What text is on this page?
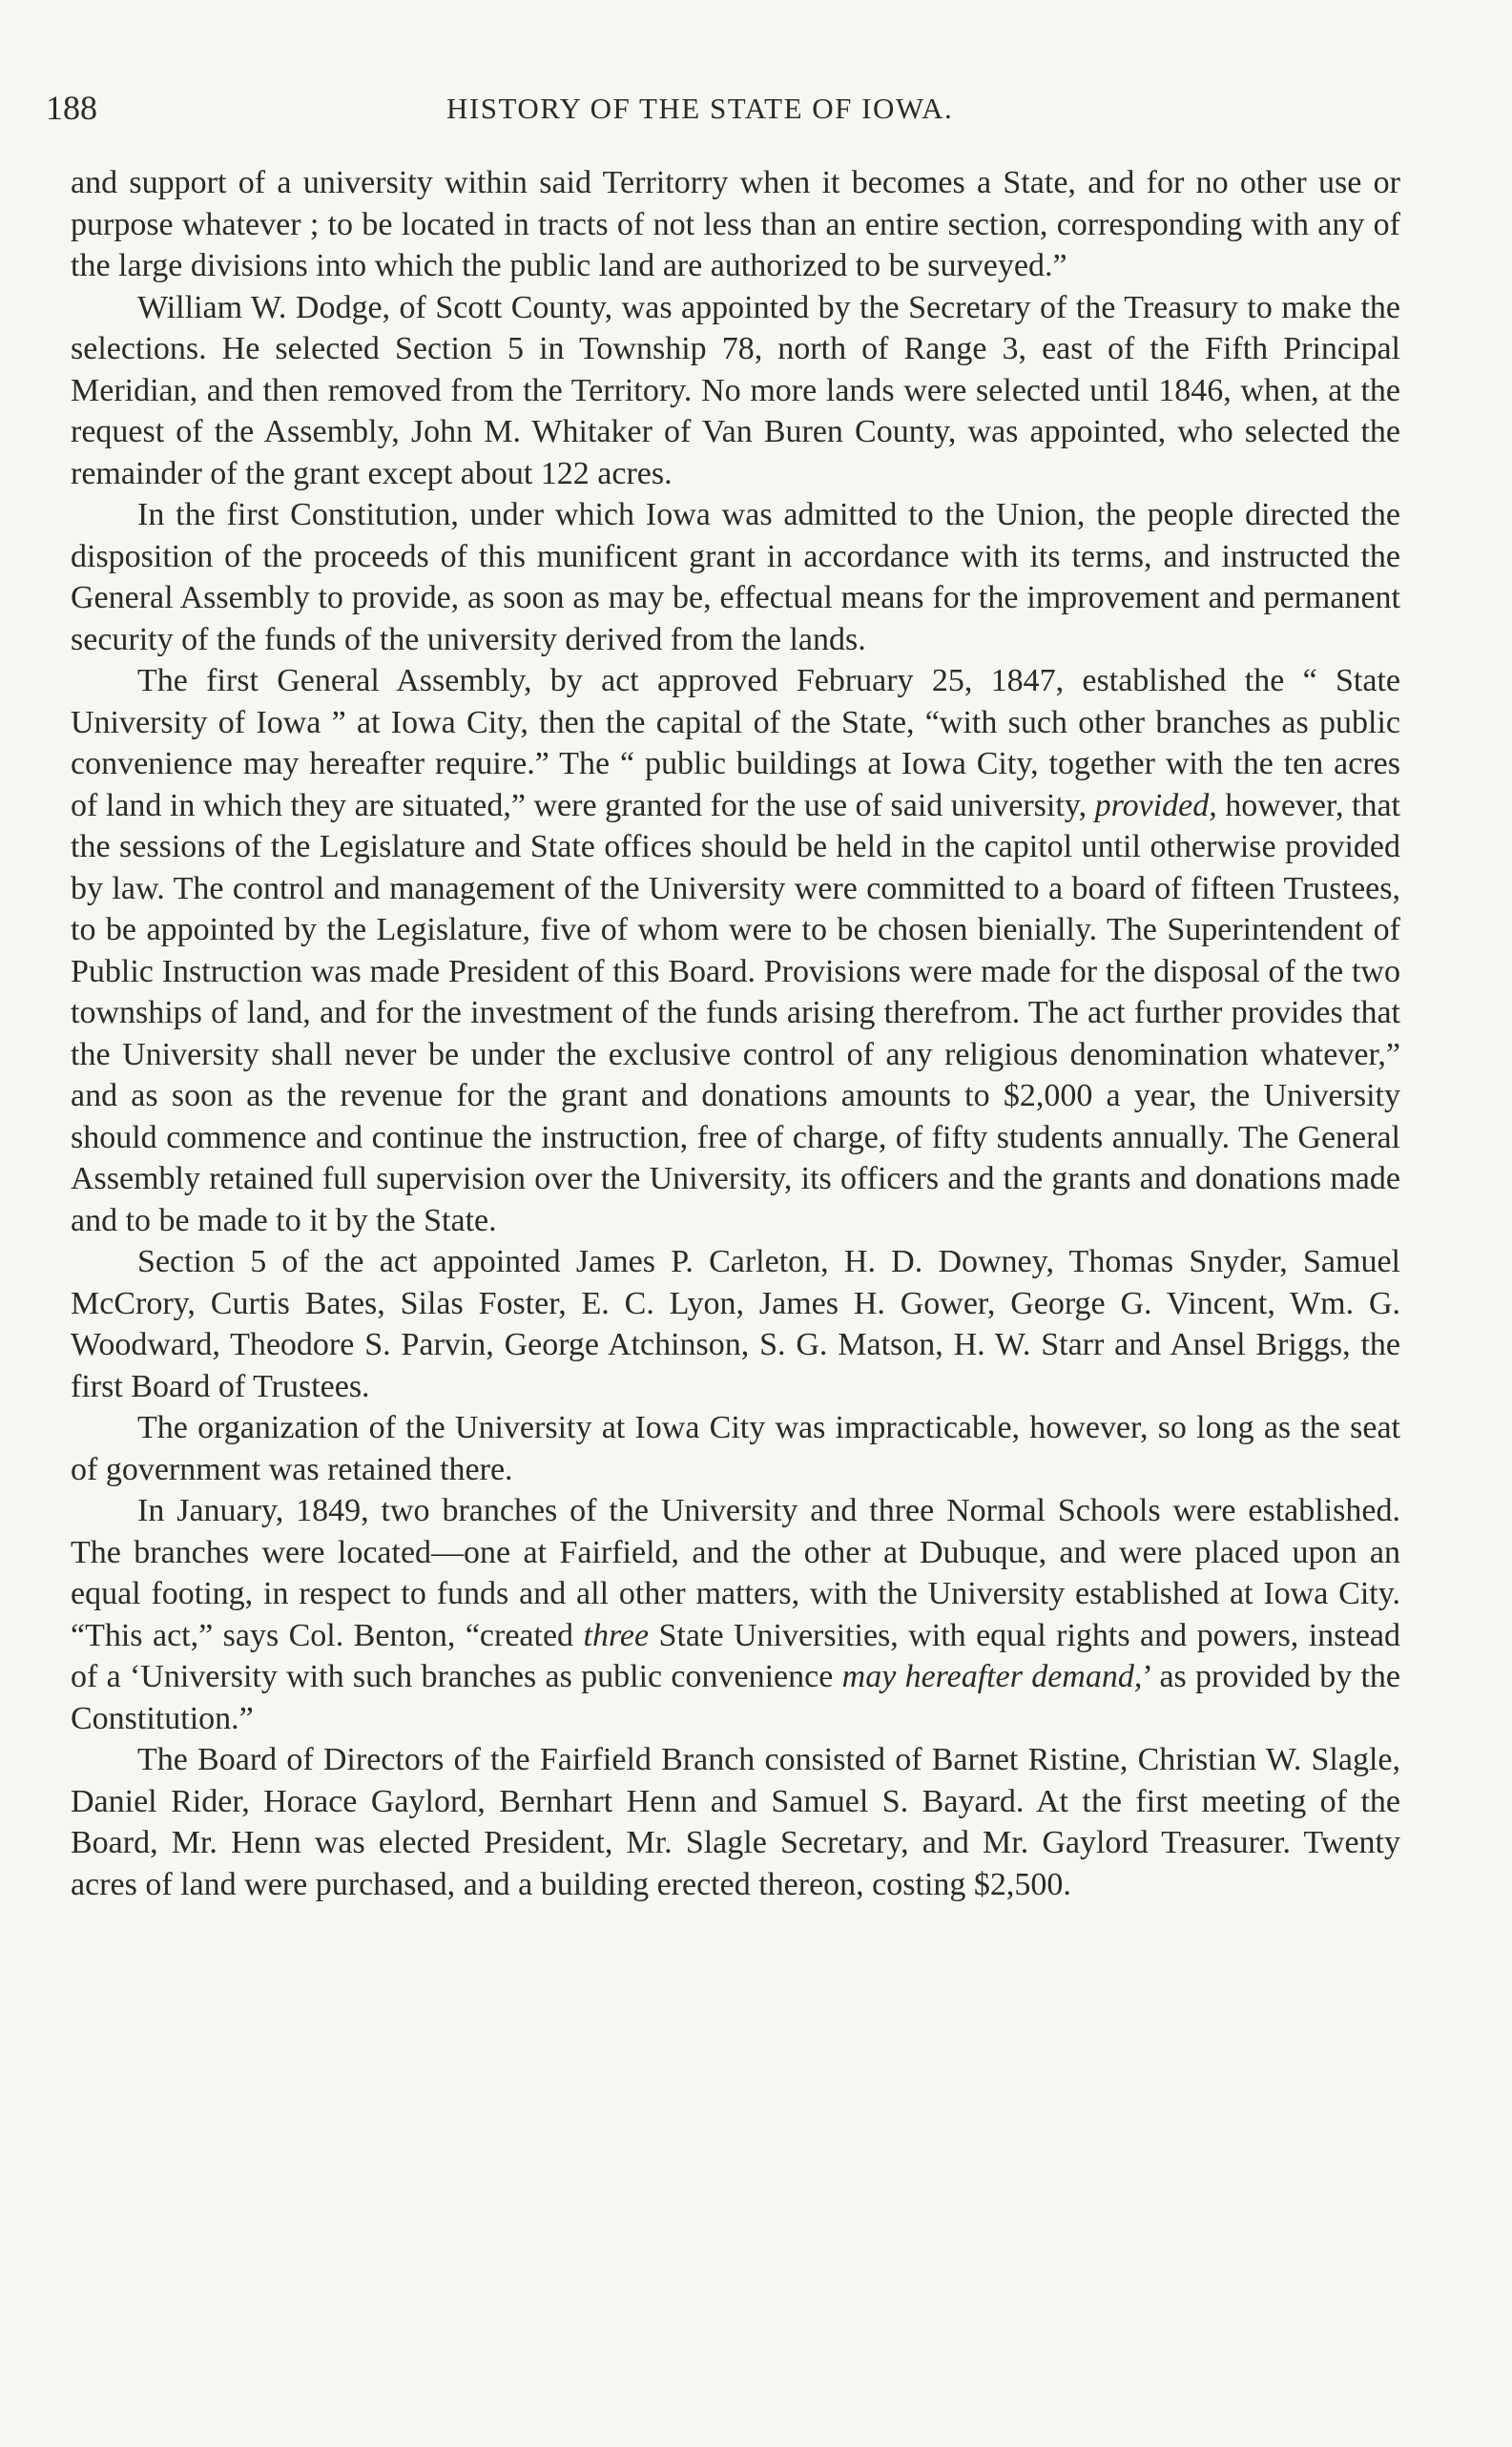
188	HISTORY OF THE STATE OF IOWA.

and support of a university within said Territorry when it becomes a State, and for no other use or purpose whatever ; to be located in tracts of not less than an entire section, corresponding with any of the large divisions into which the public land are authorized to be surveyed.”

William W. Dodge, of Scott County, was appointed by the Secretary of the Treasury to make the selections. He selected Section 5 in Township 78, north of Range 3, east of the Fifth Principal Meridian, and then removed from the Territory. No more lands were selected until 1846, when, at the request of the Assembly, John M. Whitaker of Van Buren County, was appointed, who selected the remainder of the grant except about 122 acres.

In the first Constitution, under which Iowa was admitted to the Union, the people directed the disposition of the proceeds of this munificent grant in accordance with its terms, and instructed the General Assembly to provide, as soon as may be, effectual means for the improvement and permanent security of the funds of the university derived from the lands.

The first General Assembly, by act approved February 25, 1847, established the “ State University of Iowa ” at Iowa City, then the capital of the State, “with such other branches as public convenience may hereafter require.” The “ public buildings at Iowa City, together with the ten acres of land in which they are situated,” were granted for the use of said university, provided, however, that the sessions of the Legislature and State offices should be held in the capitol until otherwise provided by law. The control and management of the University were committed to a board of fifteen Trustees, to be appointed by the Legislature, five of whom were to be chosen bienially. The Superintendent of Public Instruction was made President of this Board. Provisions were made for the disposal of the two townships of land, and for the investment of the funds arising therefrom. The act further provides that the University shall never be under the exclusive control of any religious denomination whatever,” and as soon as the revenue for the grant and donations amounts to $2,000 a year, the University should commence and continue the instruction, free of charge, of fifty students annually. The General Assembly retained full supervision over the University, its officers and the grants and donations made and to be made to it by the State.

Section 5 of the act appointed James P. Carleton, H. D. Downey, Thomas Snyder, Samuel McCrory, Curtis Bates, Silas Foster, E. C. Lyon, James H. Gower, George G. Vincent, Wm. G. Woodward, Theodore S. Parvin, George Atchinson, S. G. Matson, H. W. Starr and Ansel Briggs, the first Board of Trustees.

The organization of the University at Iowa City was impracticable, however, so long as the seat of government was retained there.

In January, 1849, two branches of the University and three Normal Schools were established. The branches were located—one at Fairfield, and the other at Dubuque, and were placed upon an equal footing, in respect to funds and all other matters, with the University established at Iowa City. “This act,” says Col. Benton, “created three State Universities, with equal rights and powers, instead of a ‘University with such branches as public convenience may hereafter demand,’ as provided by the Constitution.”

The Board of Directors of the Fairfield Branch consisted of Barnet Ristine, Christian W. Slagle, Daniel Rider, Horace Gaylord, Bernhart Henn and Samuel S. Bayard. At the first meeting of the Board, Mr. Henn was elected President, Mr. Slagle Secretary, and Mr. Gaylord Treasurer. Twenty acres of land were purchased, and a building erected thereon, costing $2,500.
